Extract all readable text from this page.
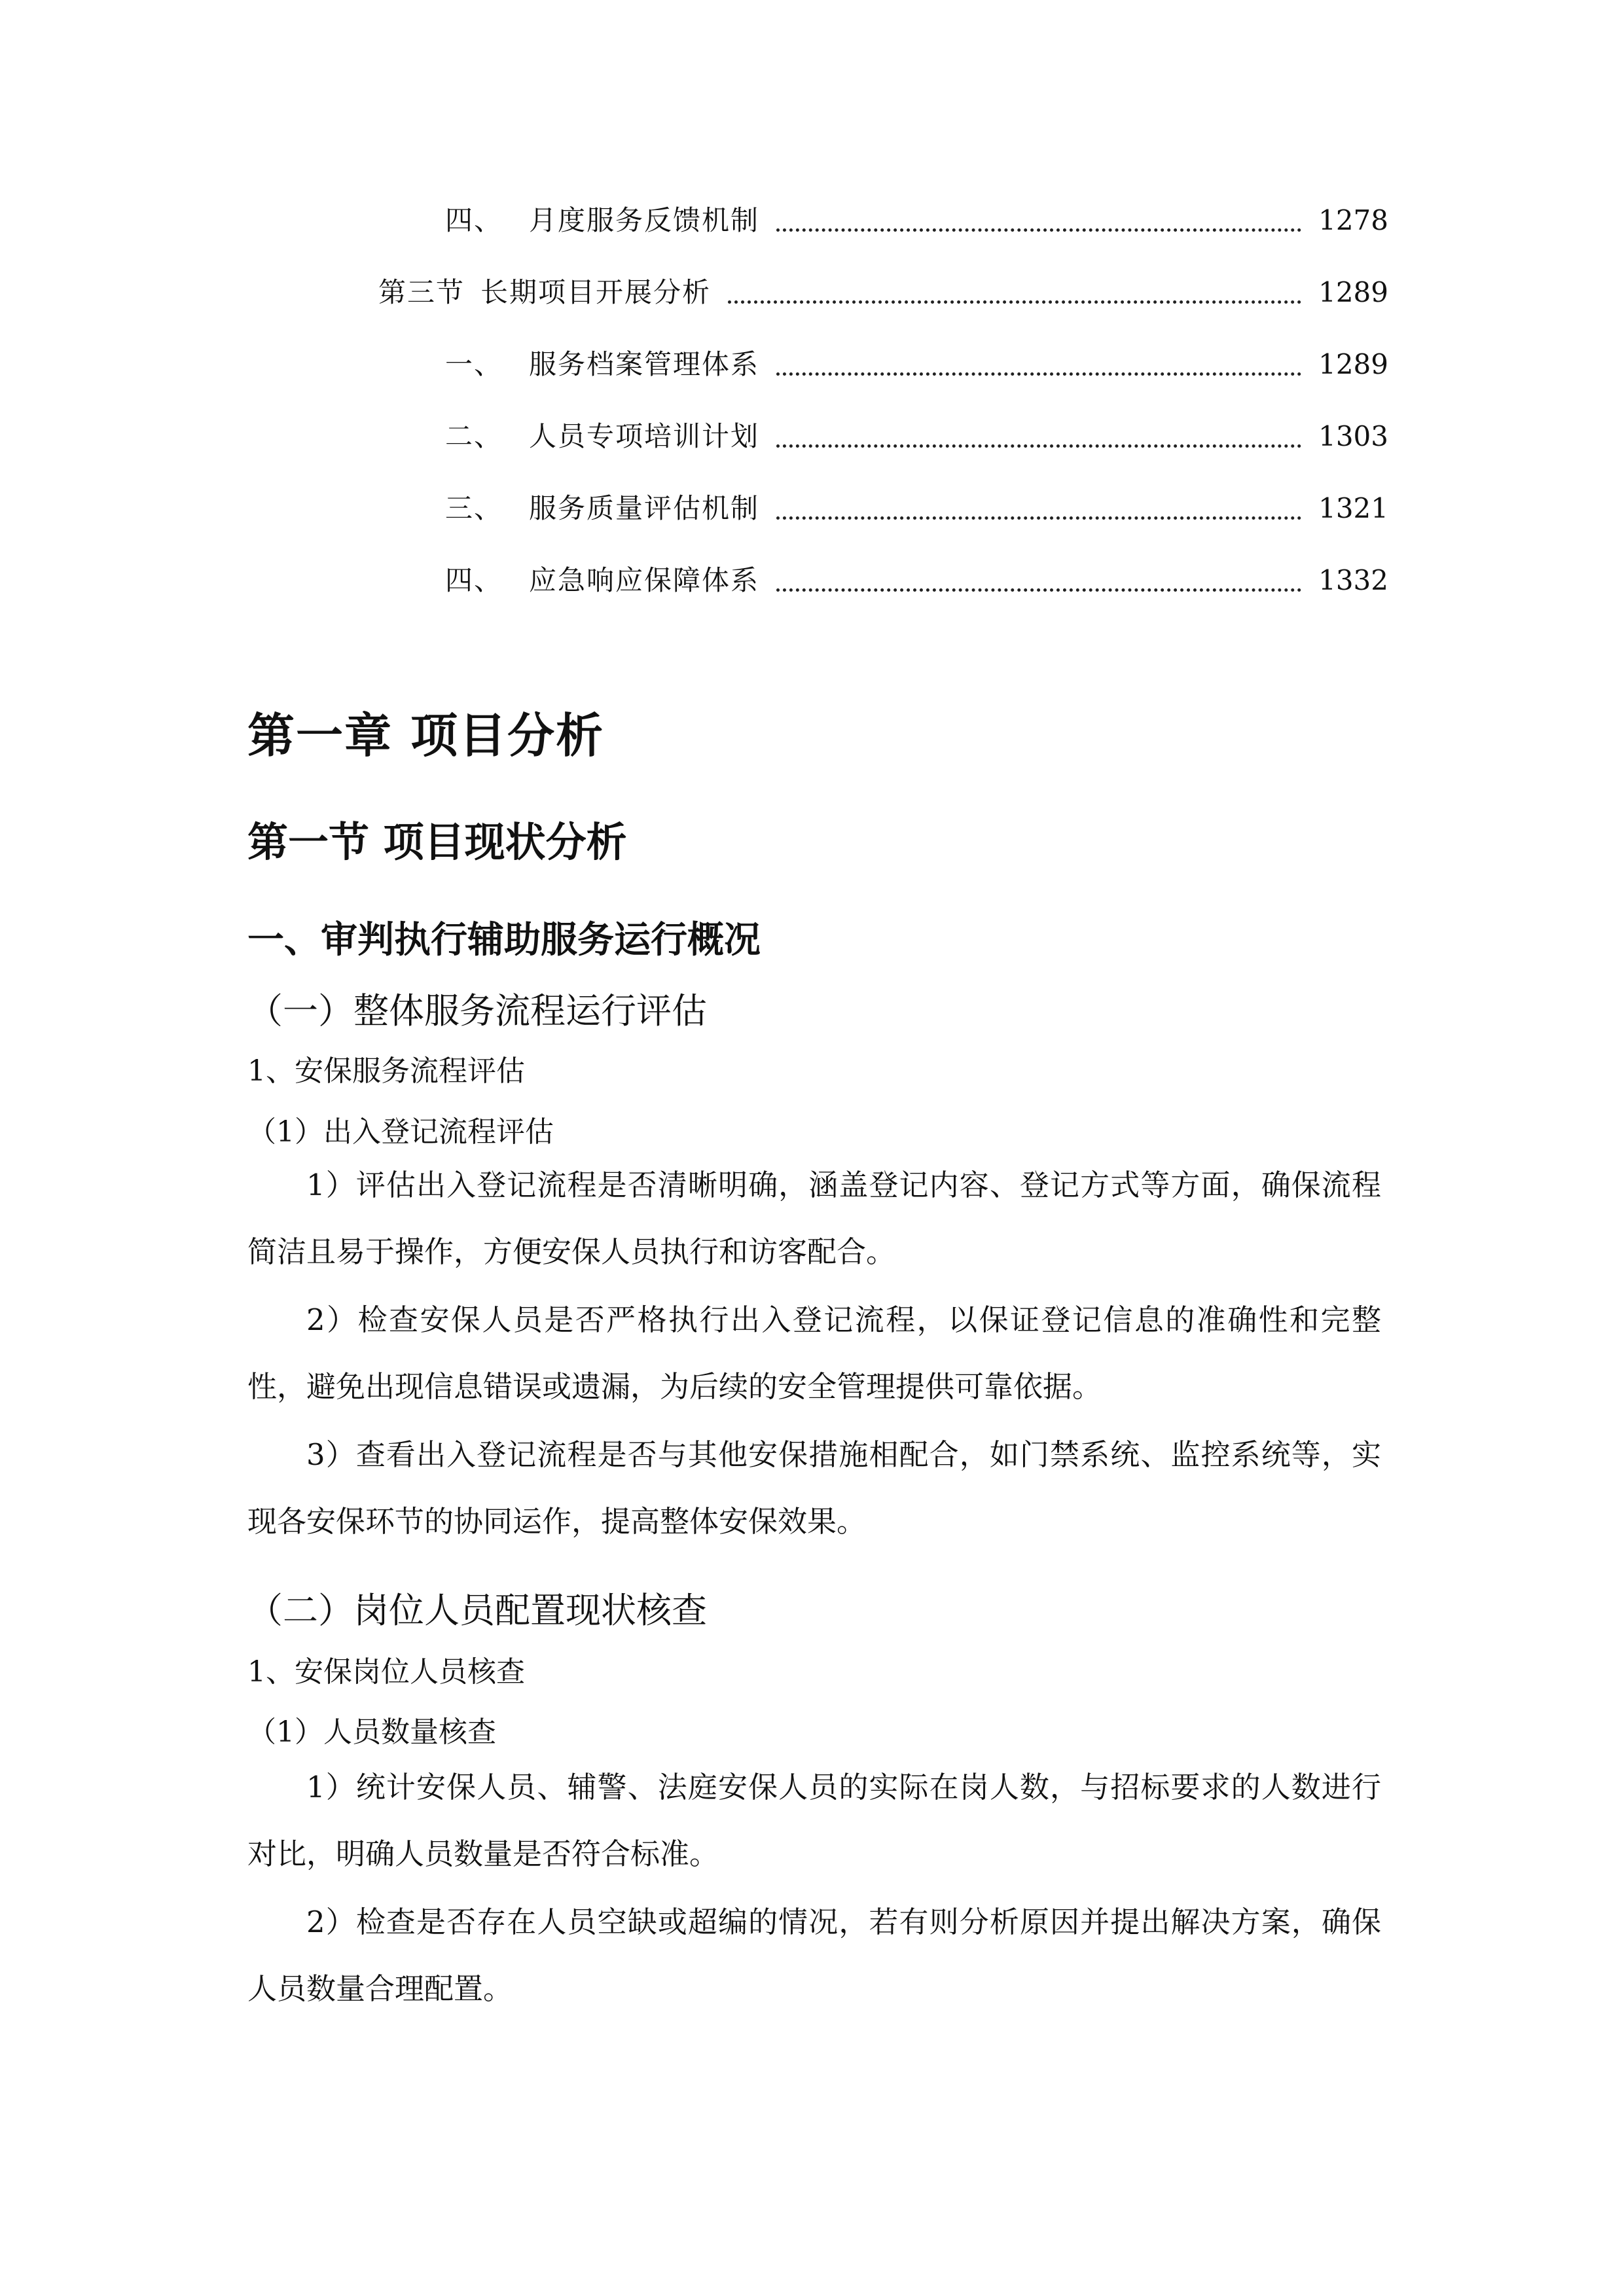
四、 月度服务反馈机制	1278
第三节 长期项目开展分析	1289
一、 服务档案管理体系	1289
二、 人员专项培训计划	1303
三、 服务质量评估机制	1321
四、 应急响应保障体系	1332
第一章 项目分析
第一节 项目现状分析
一、审判执行辅助服务运行概况
（一）整体服务流程运行评估
1、安保服务流程评估
（1）出入登记流程评估
1）评估出入登记流程是否清晰明确，涵盖登记内容、登记方式等方面，确保流程简洁且易于操作，方便安保人员执行和访客配合。
2）检查安保人员是否严格执行出入登记流程，以保证登记信息的准确性和完整性，避免出现信息错误或遗漏，为后续的安全管理提供可靠依据。
3）查看出入登记流程是否与其他安保措施相配合，如门禁系统、监控系统等，实现各安保环节的协同运作，提高整体安保效果。
（二）岗位人员配置现状核查
1、安保岗位人员核查
（1）人员数量核查
1）统计安保人员、辅警、法庭安保人员的实际在岗人数，与招标要求的人数进行对比，明确人员数量是否符合标准。
2）检查是否存在人员空缺或超编的情况，若有则分析原因并提出解决方案，确保人员数量合理配置。
